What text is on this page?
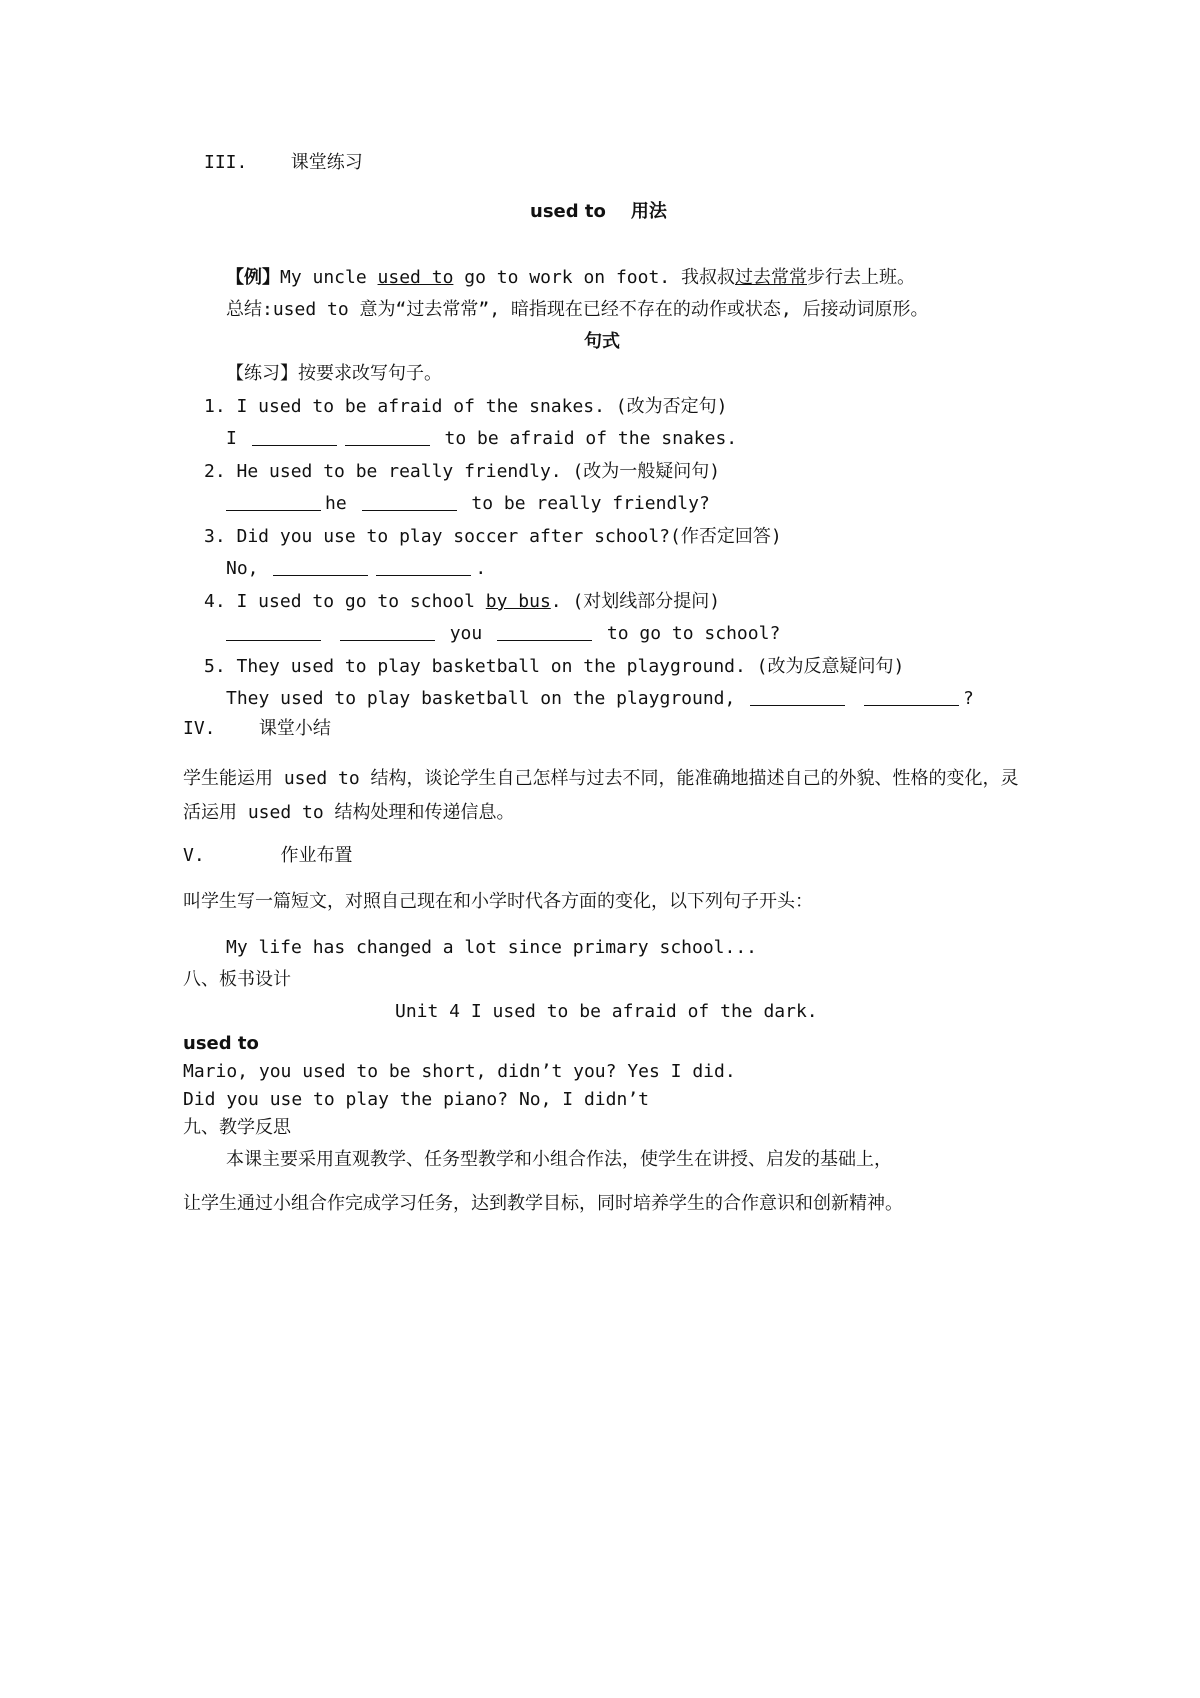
III.    课堂练习
used to    用法
【例】My uncle used to go to work on foot. 我叔叔过去常常步行去上班。
总结:used to 意为“过去常常”, 暗指现在已经不存在的动作或状态, 后接动词原形。
句式
【练习】按要求改写句子。
1. I used to be afraid of the snakes. (改为否定句)
I	to be afraid of the snakes.
2. He used to be really friendly. (改为一般疑问句)
he	to be really friendly?
3. Did you use to play soccer after school?(作否定回答)
No,	.
4. I used to go to school by bus. (对划线部分提问)
you	to go to school?
5. They used to play basketball on the playground. (改为反意疑问句)
They used to play basketball on the playground,	?
IV.    课堂小结
学生能运用 used to 结构，谈论学生自己怎样与过去不同，能准确地描述自己的外貌、性格的变化，灵活运用 used to 结构处理和传递信息。
V.       作业布置
叫学生写一篇短文，对照自己现在和小学时代各方面的变化，以下列句子开头：
My life has changed a lot since primary school...
八、板书设计
Unit 4 I used to be afraid of the dark.
used to
Mario, you used to be short, didn’t you? Yes I did.
Did you use to play the piano? No, I didn’t
九、教学反思
本课主要采用直观教学、任务型教学和小组合作法，使学生在讲授、启发的基础上，
让学生通过小组合作完成学习任务，达到教学目标，同时培养学生的合作意识和创新精神。
